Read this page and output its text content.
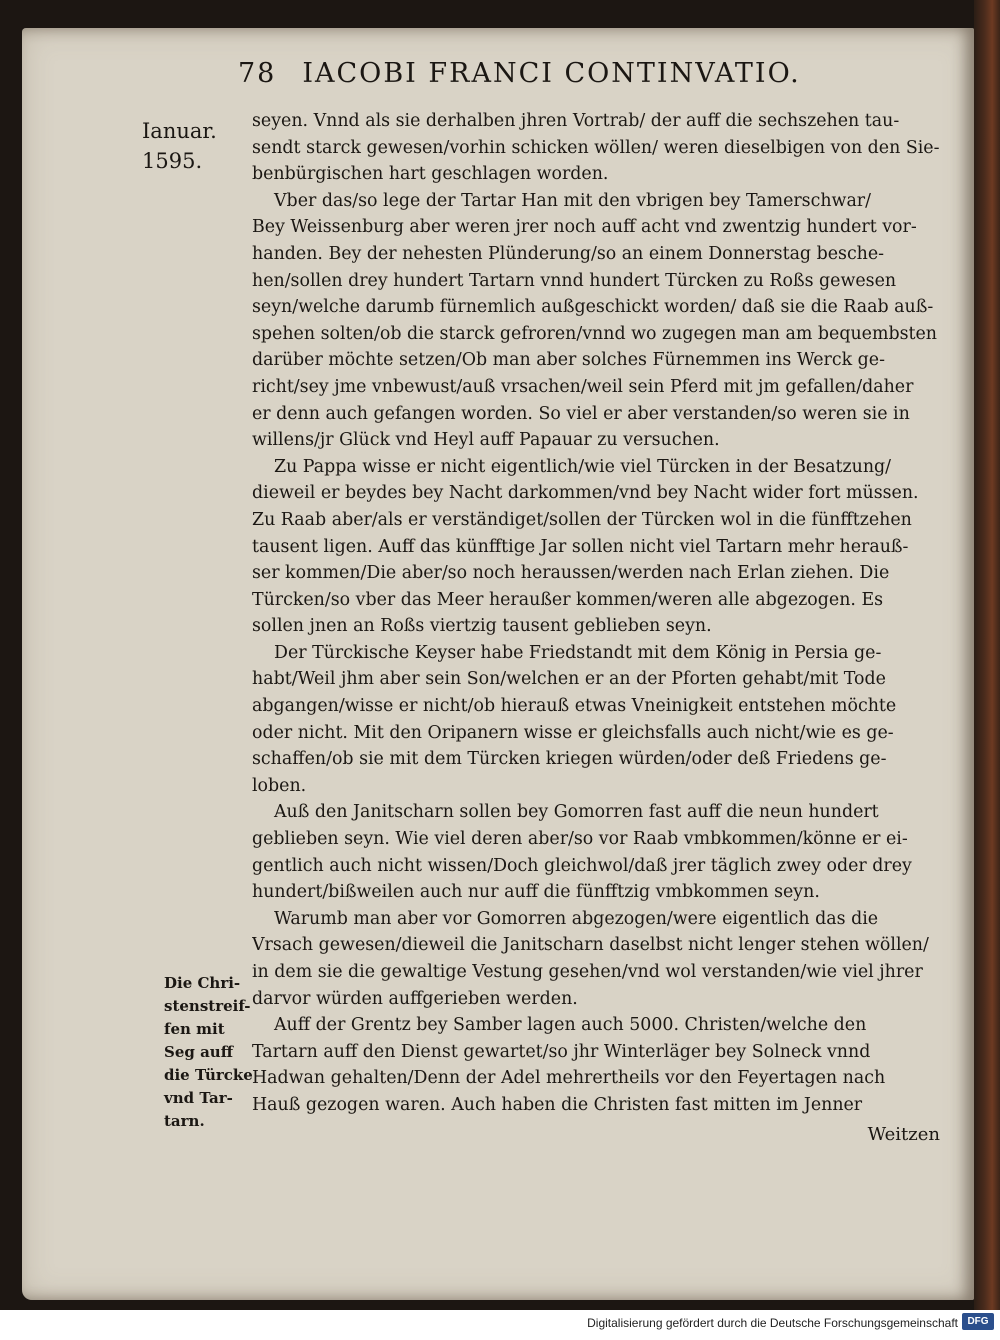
78 IACOBI FRANCI CONTINVATIO.
Ianuar.
1595.
Die Chri-
stenstreif-
fen mit
Seg auff
die Türcke
vnd Tar-
tarn.
seyen. Vnnd als sie derhalben jhren Vortrab/ der auff die sechszehen tau-
sendt starck gewesen/vorhin schicken wöllen/ weren dieselbigen von den Sie-
benbürgischen hart geschlagen worden.
Vber das/so lege der Tartar Han mit den vbrigen bey Tamerschwar/
Bey Weissenburg aber weren jrer noch auff acht vnd zwentzig hundert vor-
handen. Bey der nehesten Plünderung/so an einem Donnerstag besche-
hen/sollen drey hundert Tartarn vnnd hundert Türcken zu Roßs gewesen
seyn/welche darumb fürnemlich außgeschickt worden/ daß sie die Raab auß-
spehen solten/ob die starck gefroren/vnnd wo zugegen man am bequembsten
darüber möchte setzen/Ob man aber solches Fürnemmen ins Werck ge-
richt/sey jme vnbewust/auß vrsachen/weil sein Pferd mit jm gefallen/daher
er denn auch gefangen worden. So viel er aber verstanden/so weren sie in
willens/jr Glück vnd Heyl auff Papauar zu versuchen.
Zu Pappa wisse er nicht eigentlich/wie viel Türcken in der Besatzung/
dieweil er beydes bey Nacht darkommen/vnd bey Nacht wider fort müssen.
Zu Raab aber/als er verständiget/sollen der Türcken wol in die fünfftzehen
tausent ligen. Auff das künfftige Jar sollen nicht viel Tartarn mehr herauß-
ser kommen/Die aber/so noch heraussen/werden nach Erlan ziehen. Die
Türcken/so vber das Meer heraußer kommen/weren alle abgezogen. Es
sollen jnen an Roßs viertzig tausent geblieben seyn.
Der Türckische Keyser habe Friedstandt mit dem König in Persia ge-
habt/Weil jhm aber sein Son/welchen er an der Pforten gehabt/mit Tode
abgangen/wisse er nicht/ob hierauß etwas Vneinigkeit entstehen möchte
oder nicht. Mit den Oripanern wisse er gleichsfalls auch nicht/wie es ge-
schaffen/ob sie mit dem Türcken kriegen würden/oder deß Friedens ge-
loben.
Auß den Janitscharn sollen bey Gomorren fast auff die neun hundert
geblieben seyn. Wie viel deren aber/so vor Raab vmbkommen/könne er ei-
gentlich auch nicht wissen/Doch gleichwol/daß jrer täglich zwey oder drey
hundert/bißweilen auch nur auff die fünfftzig vmbkommen seyn.
Warumb man aber vor Gomorren abgezogen/were eigentlich das die
Vrsach gewesen/dieweil die Janitscharn daselbst nicht lenger stehen wöllen/
in dem sie die gewaltige Vestung gesehen/vnd wol verstanden/wie viel jhrer
darvor würden auffgerieben werden.
Auff der Grentz bey Samber lagen auch 5000. Christen/welche den
Tartarn auff den Dienst gewartet/so jhr Winterläger bey Solneck vnnd
Hadwan gehalten/Denn der Adel mehrertheils vor den Feyertagen nach
Hauß gezogen waren. Auch haben die Christen fast mitten im Jenner
Weitzen
Digitalisierung gefördert durch die Deutsche Forschungsgemeinschaft DFG
